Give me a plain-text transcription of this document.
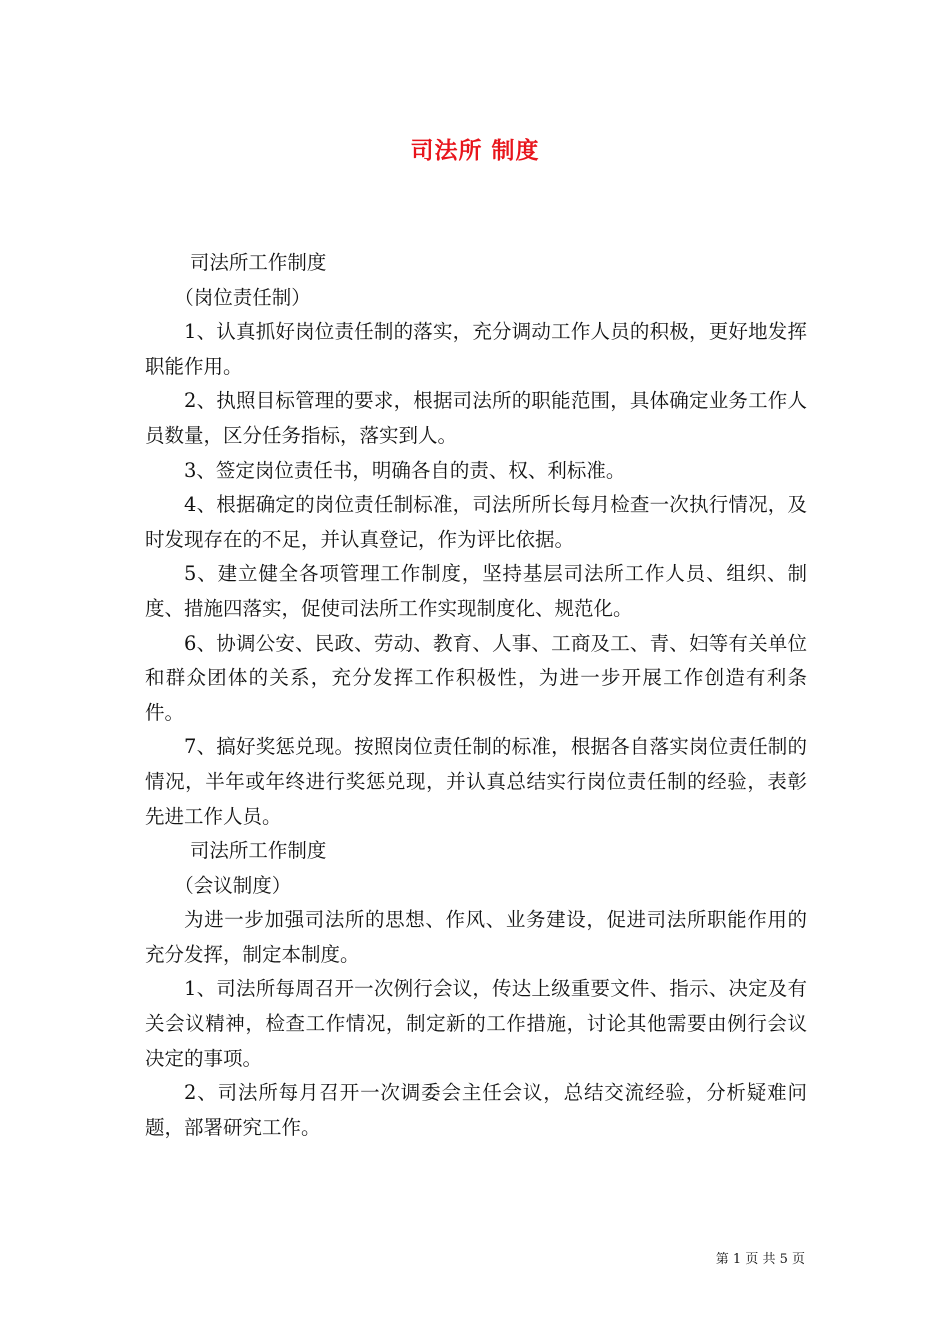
司法所 制度

司法所工作制度

（岗位责任制）

1、认真抓好岗位责任制的落实，充分调动工作人员的积极，更好地发挥职能作用。

2、执照目标管理的要求，根据司法所的职能范围，具体确定业务工作人员数量，区分任务指标，落实到人。

3、签定岗位责任书，明确各自的责、权、利标准。

4、根据确定的岗位责任制标准，司法所所长每月检查一次执行情况，及时发现存在的不足，并认真登记，作为评比依据。

5、建立健全各项管理工作制度，坚持基层司法所工作人员、组织、制度、措施四落实，促使司法所工作实现制度化、规范化。

6、协调公安、民政、劳动、教育、人事、工商及工、青、妇等有关单位和群众团体的关系，充分发挥工作积极性，为进一步开展工作创造有利条件。

7、搞好奖惩兑现。按照岗位责任制的标准，根据各自落实岗位责任制的情况，半年或年终进行奖惩兑现，并认真总结实行岗位责任制的经验，表彰先进工作人员。

司法所工作制度

（会议制度）

为进一步加强司法所的思想、作风、业务建设，促进司法所职能作用的充分发挥，制定本制度。

1、司法所每周召开一次例行会议，传达上级重要文件、指示、决定及有关会议精神，检查工作情况，制定新的工作措施，讨论其他需要由例行会议决定的事项。

2、司法所每月召开一次调委会主任会议，总结交流经验，分析疑难问题，部署研究工作。

第 1 页 共 5 页
